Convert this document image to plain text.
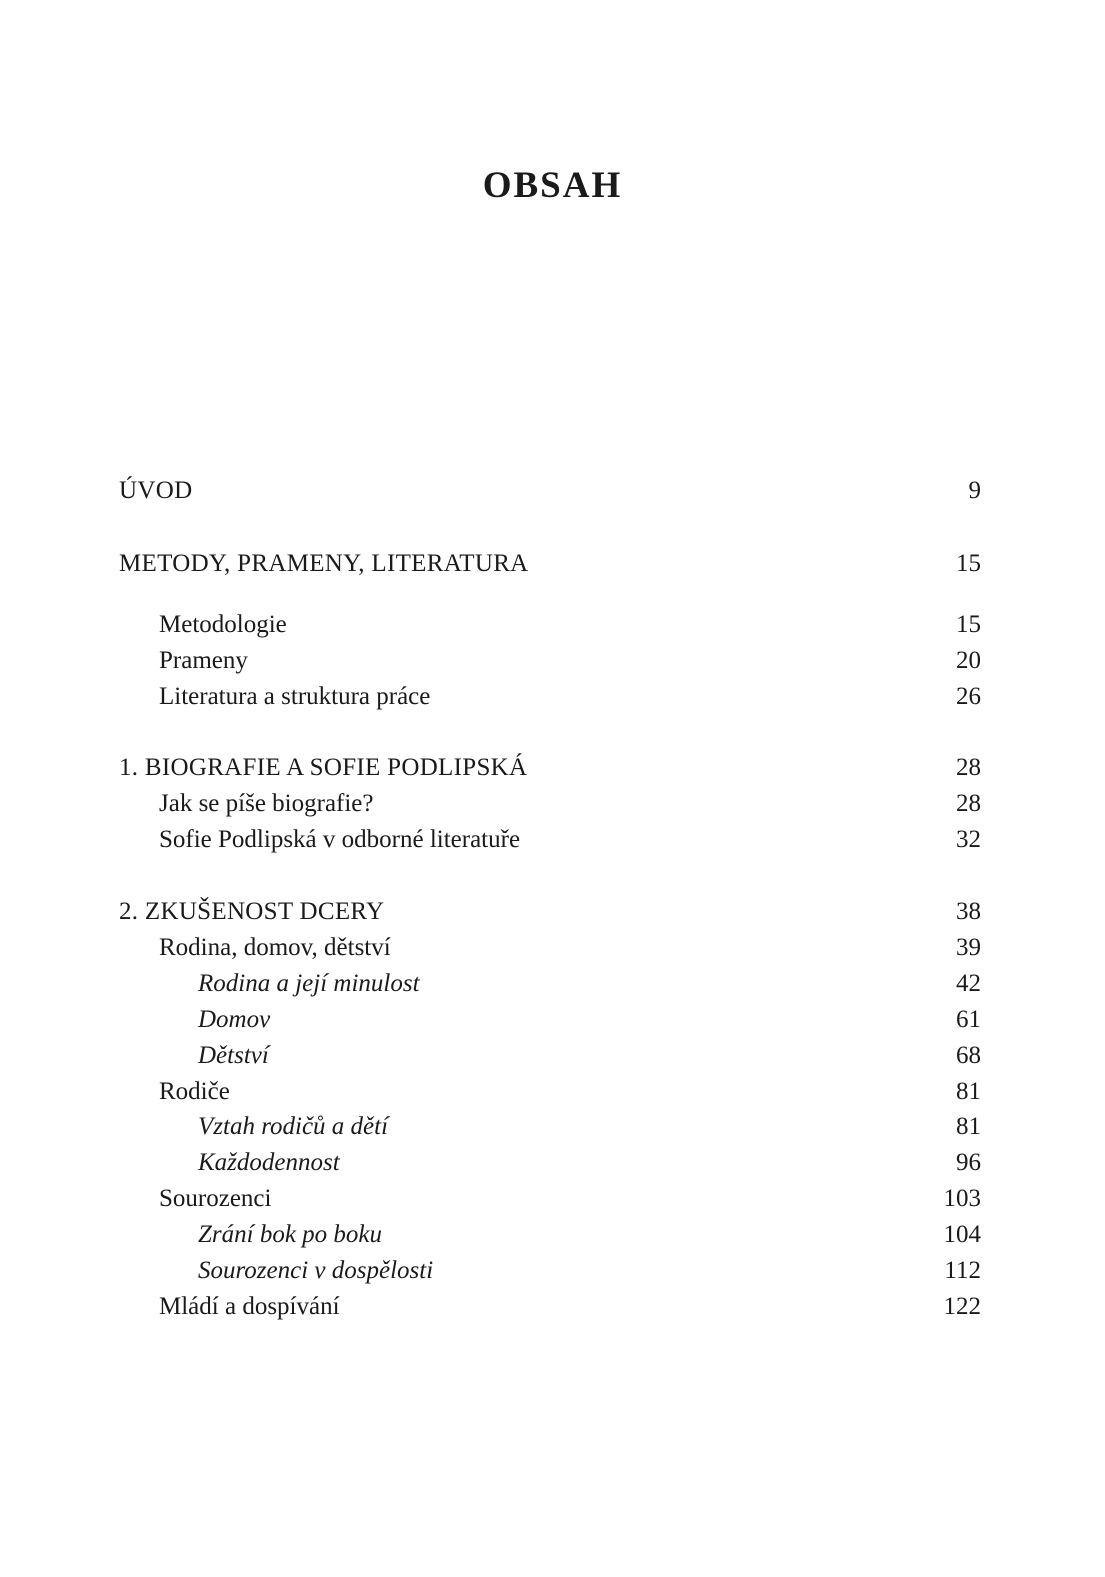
OBSAH
ÚVOD	9
METODY, PRAMENY, LITERATURA	15
Metodologie	15
Prameny	20
Literatura a struktura práce	26
1. BIOGRAFIE A SOFIE PODLIPSKÁ	28
Jak se píše biografie?	28
Sofie Podlipská v odborné literatuře	32
2. ZKUŠENOST DCERY	38
Rodina, domov, dětství	39
Rodina a její minulost	42
Domov	61
Dětství	68
Rodiče	81
Vztah rodičů a dětí	81
Každodennost	96
Sourozenci	103
Zrání bok po boku	104
Sourozenci v dospělosti	112
Mládí a dospívání	122
